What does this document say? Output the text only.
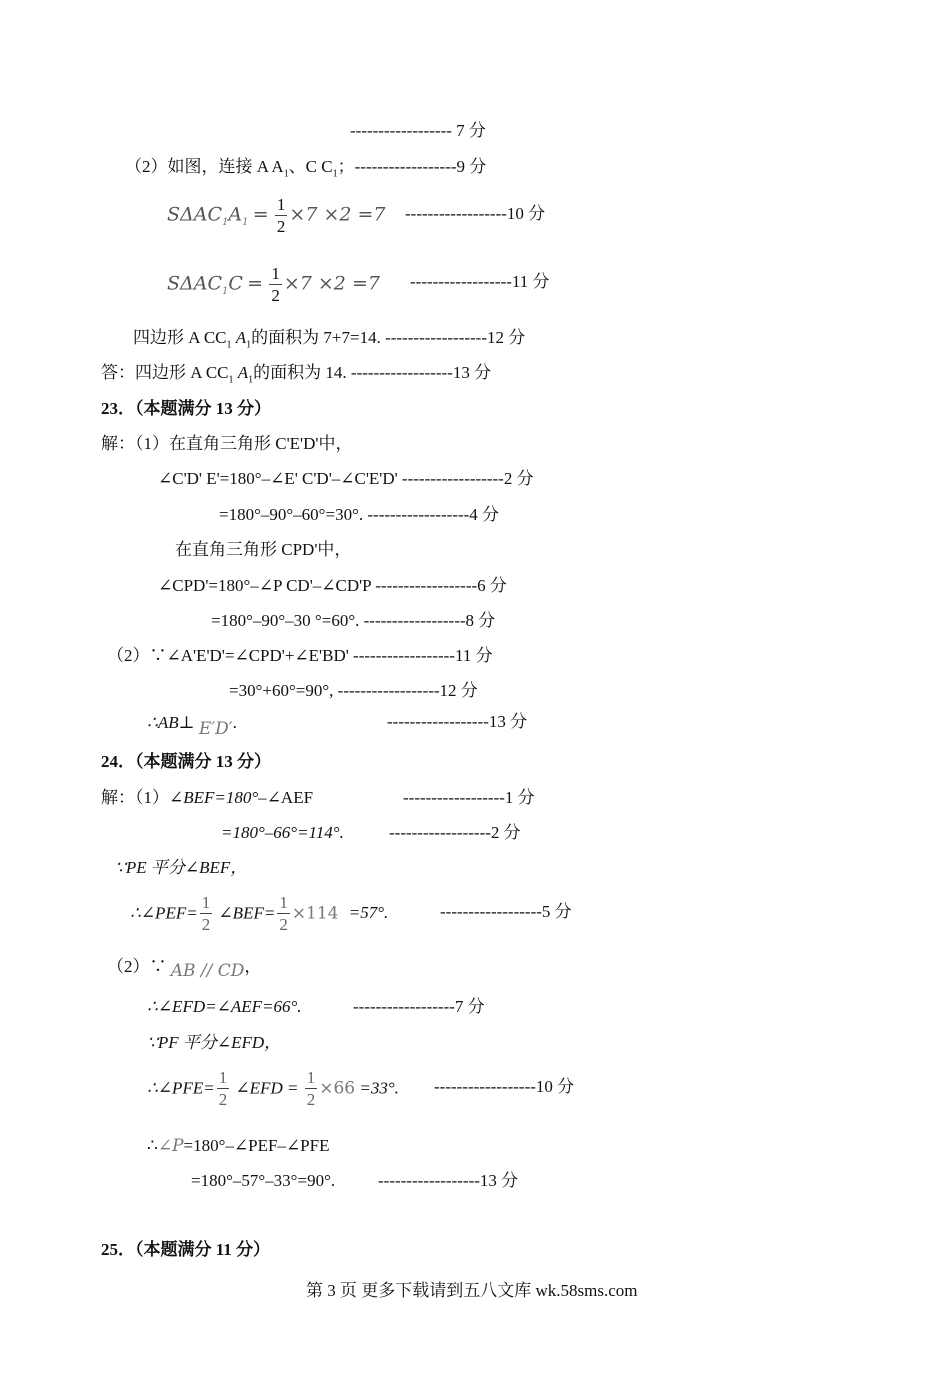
------------------ 7 分
（2）如图，连接 A $A_1$、C $C_1$；------------------9 分
$S\Delta AC_1A_1 = \frac{1}{2} \times 7 \times 2 =7$ ------------------10 分
$S\Delta AC_1C = \frac{1}{2} \times 7 \times 2 =7$ ------------------11 分
四边形 A $CC_1$ $A_1$的面积为 7+7=14. ------------------12 分
答：四边形 A $CC_1$ $A_1$的面积为 14. ------------------13 分
23．（本题满分 13 分）
解：（1）在直角三角形 C'E'D'中，
∠C'D' E'=180°–∠E' C'D'–∠C'E'D' ------------------2 分
=180°–90°–60°=30°. ------------------4 分
在直角三角形 CPD'中，
∠CPD'=180°–∠P CD'–∠CD'P ------------------6 分
=180°–90°–30 °=60°. ------------------8 分
（2）∵∠A'E'D'=∠CPD'+∠E'BD' ------------------11 分
=30°+60°=90°, ------------------12 分
∴AB⊥ E′D′.	------------------13 分
24．（本题满分 13 分）
解：（1）∠BEF=180°–∠AEF	------------------1 分
=180°–66°=114°.	------------------2 分
∵PE 平分∠BEF，
∴∠PEF= $\frac{1}{2}$ ∠BEF= $\frac{1}{2} \times 114 =57^\circ$.	------------------5 分
（2）∵ AB // CD，
∴∠EFD=∠AEF=66°.	------------------7 分
∵PF 平分∠EFD，
∴∠PFE= $\frac{1}{2}$ ∠EFD = $\frac{1}{2} \times 66 =33^\circ$. ------------------10 分
∴∠P=180°–∠PEF–∠PFE
=180°–57°–33°=90°.	------------------13 分
25．（本题满分 11 分）
第 3 页 更多下载请到五八文库 wk.58sms.com
